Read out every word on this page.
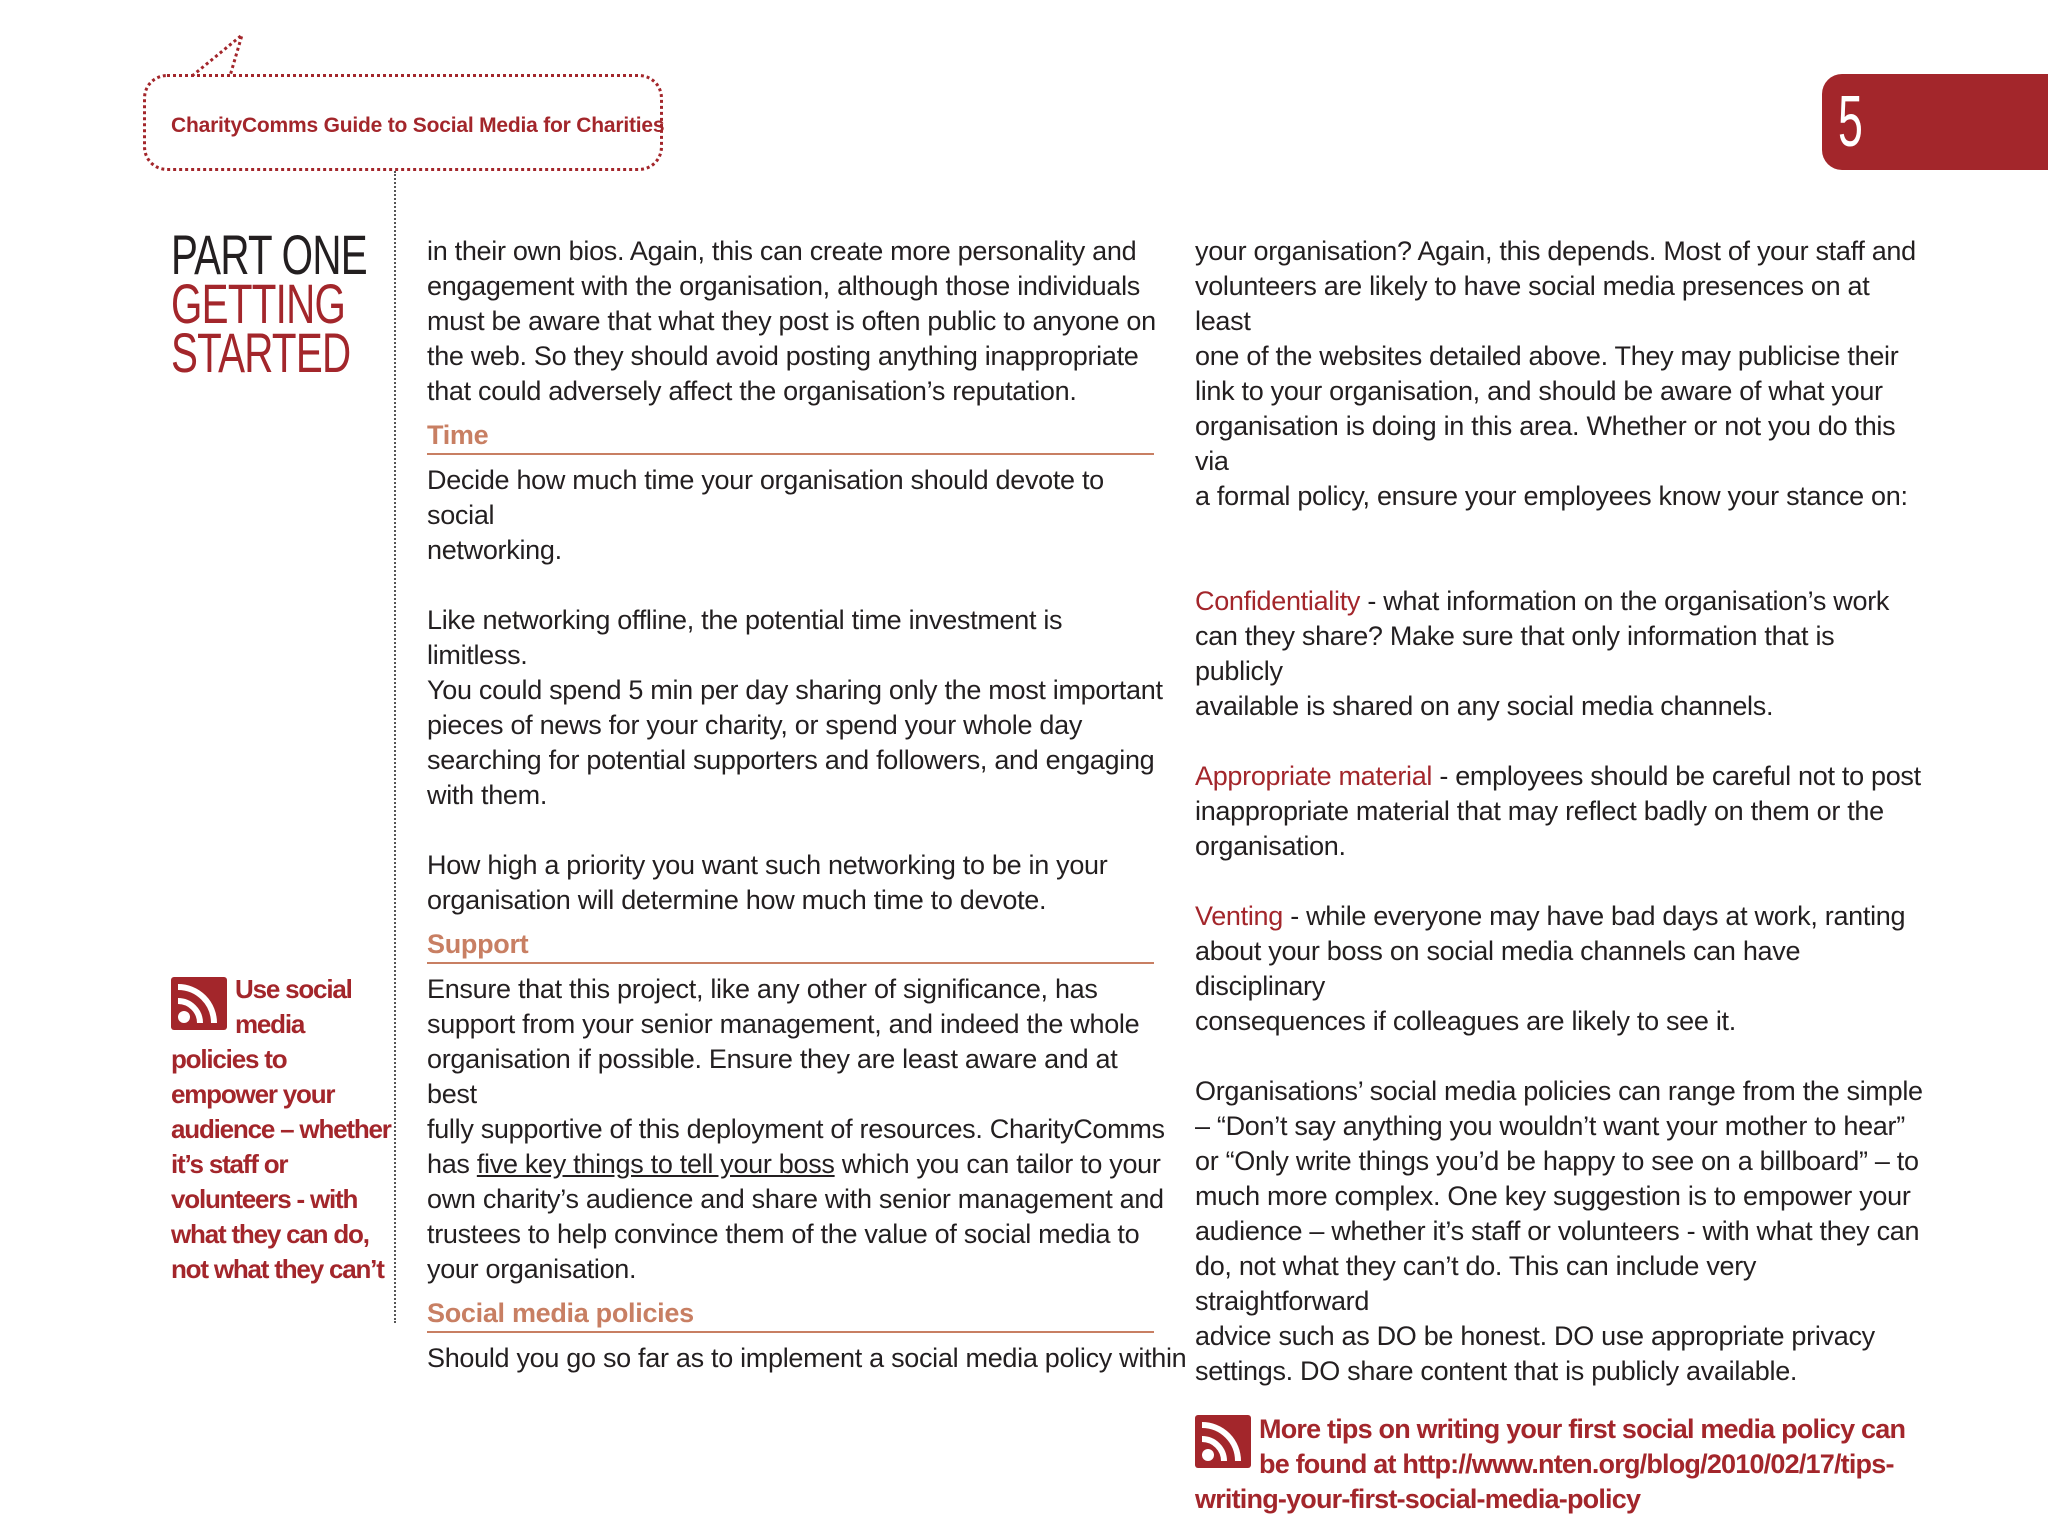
CharityComms Guide to Social Media for Charities	5
PART ONE
GETTING
STARTED
Use social media policies to empower your audience – whether it’s staff or volunteers - with what they can do, not what they can’t

in their own bios. Again, this can create more personality and
engagement with the organisation, although those individuals
must be aware that what they post is often public to anyone on
the web. So they should avoid posting anything inappropriate
that could adversely affect the organisation’s reputation.

Time

Decide how much time your organisation should devote to social
networking.

Like networking offline, the potential time investment is limitless.
You could spend 5 min per day sharing only the most important
pieces of news for your charity, or spend your whole day
searching for potential supporters and followers, and engaging
with them.

How high a priority you want such networking to be in your
organisation will determine how much time to devote.

Support

Ensure that this project, like any other of significance, has
support from your senior management, and indeed the whole
organisation if possible. Ensure they are least aware and at best
fully supportive of this deployment of resources. CharityComms
has five key things to tell your boss which you can tailor to your
own charity’s audience and share with senior management and
trustees to help convince them of the value of social media to
your organisation.

Social media policies

Should you go so far as to implement a social media policy within

your organisation? Again, this depends. Most of your staff and
volunteers are likely to have social media presences on at least
one of the websites detailed above. They may publicise their
link to your organisation, and should be aware of what your
organisation is doing in this area. Whether or not you do this via
a formal policy, ensure your employees know your stance on:

Confidentiality - what information on the organisation’s work
can they share? Make sure that only information that is publicly
available is shared on any social media channels.

Appropriate material - employees should be careful not to post
inappropriate material that may reflect badly on them or the
organisation.

Venting - while everyone may have bad days at work, ranting
about your boss on social media channels can have disciplinary
consequences if colleagues are likely to see it.

Organisations’ social media policies can range from the simple
– “Don’t say anything you wouldn’t want your mother to hear”
or “Only write things you’d be happy to see on a billboard” – to
much more complex. One key suggestion is to empower your
audience – whether it’s staff or volunteers - with what they can
do, not what they can’t do. This can include very straightforward
advice such as DO be honest. DO use appropriate privacy
settings. DO share content that is publicly available.

More tips on writing your first social media policy can be found at http://www.nten.org/blog/2010/02/17/tips-writing-your-first-social-media-policy
